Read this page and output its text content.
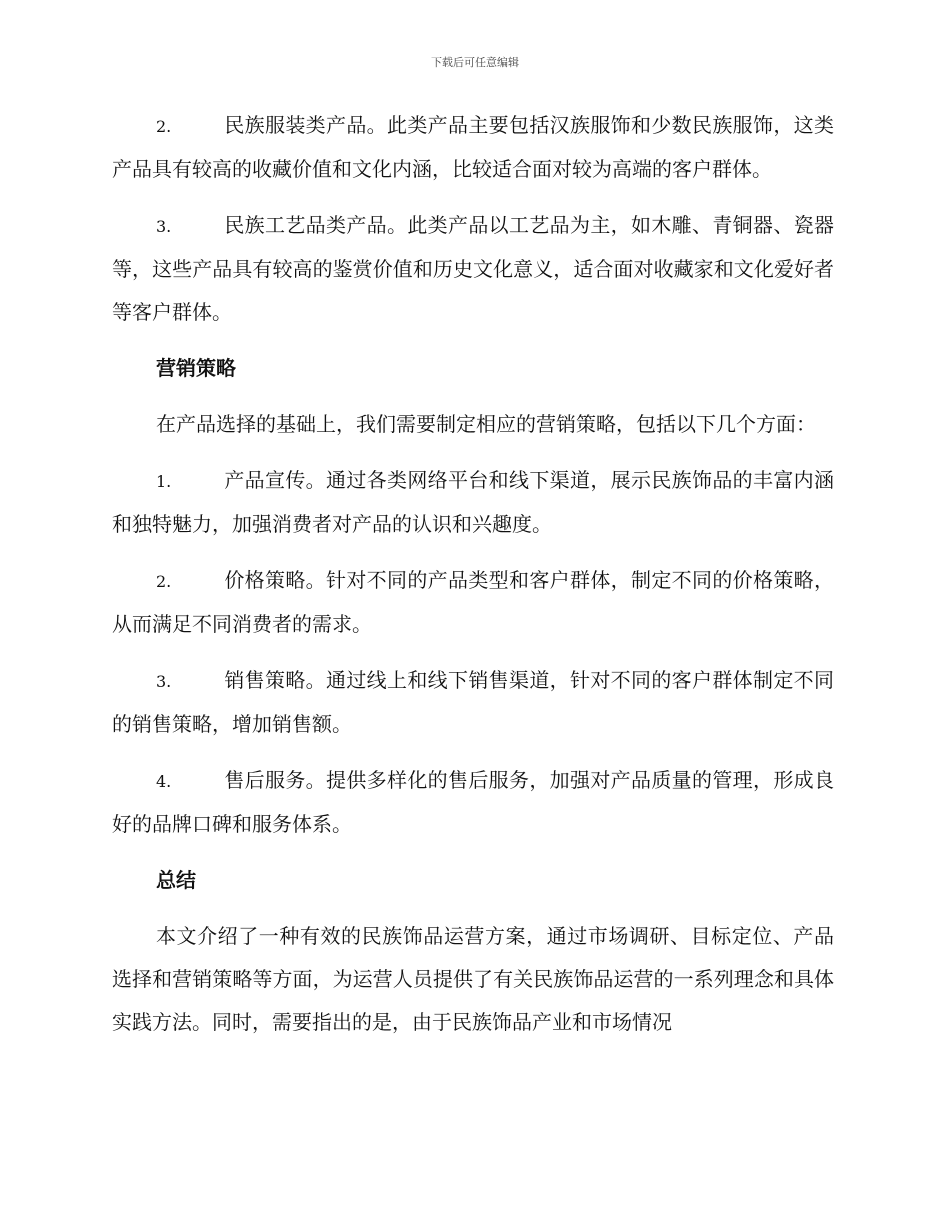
下载后可任意编辑

2.	民族服装类产品。此类产品主要包括汉族服饰和少数民族服饰，这类产品具有较高的收藏价值和文化内涵，比较适合面对较为高端的客户群体。

3.	民族工艺品类产品。此类产品以工艺品为主，如木雕、青铜器、瓷器等，这些产品具有较高的鉴赏价值和历史文化意义，适合面对收藏家和文化爱好者等客户群体。

营销策略

在产品选择的基础上，我们需要制定相应的营销策略，包括以下几个方面：

1.	产品宣传。通过各类网络平台和线下渠道，展示民族饰品的丰富内涵和独特魅力，加强消费者对产品的认识和兴趣度。

2.	价格策略。针对不同的产品类型和客户群体，制定不同的价格策略，从而满足不同消费者的需求。

3.	销售策略。通过线上和线下销售渠道，针对不同的客户群体制定不同的销售策略，增加销售额。

4.	售后服务。提供多样化的售后服务，加强对产品质量的管理，形成良好的品牌口碑和服务体系。

总结

本文介绍了一种有效的民族饰品运营方案，通过市场调研、目标定位、产品选择和营销策略等方面，为运营人员提供了有关民族饰品运营的一系列理念和具体实践方法。同时，需要指出的是，由于民族饰品产业和市场情况
